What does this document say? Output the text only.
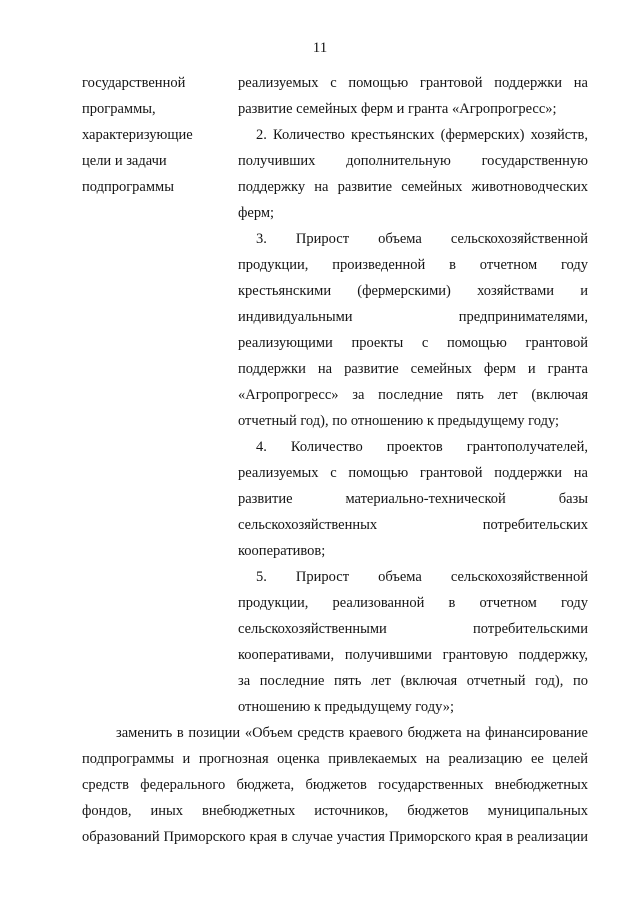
11
государственной
программы,
характеризующие
цели и задачи
подпрограммы
реализуемых с помощью грантовой поддержки на
развитие семейных ферм и гранта «Агропрогресс»;
2. Количество крестьянских (фермерских) хозяйств,
получивших дополнительную государственную
поддержку на развитие семейных животноводческих
ферм;
3. Прирост объема сельскохозяйственной
продукции, произведенной в отчетном году
крестьянскими (фермерскими) хозяйствами и
индивидуальными предпринимателями,
реализующими проекты с помощью грантовой
поддержки на развитие семейных ферм и гранта
«Агропрогресс» за последние пять лет (включая
отчетный год), по отношению к предыдущему году;
4. Количество проектов грантополучателей,
реализуемых с помощью грантовой поддержки на
развитие материально-технической базы
сельскохозяйственных потребительских
кооперативов;
5. Прирост объема сельскохозяйственной
продукции, реализованной в отчетном году
сельскохозяйственными потребительскими
кооперативами, получившими грантовую поддержку,
за последние пять лет (включая отчетный год), по
отношению к предыдущему году»;
заменить в позиции «Объем средств краевого бюджета на финансирование
подпрограммы и прогнозная оценка привлекаемых на реализацию ее целей
средств федерального бюджета, бюджетов государственных внебюджетных
фондов, иных внебюджетных источников, бюджетов муниципальных
образований Приморского края в случае участия Приморского края в реализации
